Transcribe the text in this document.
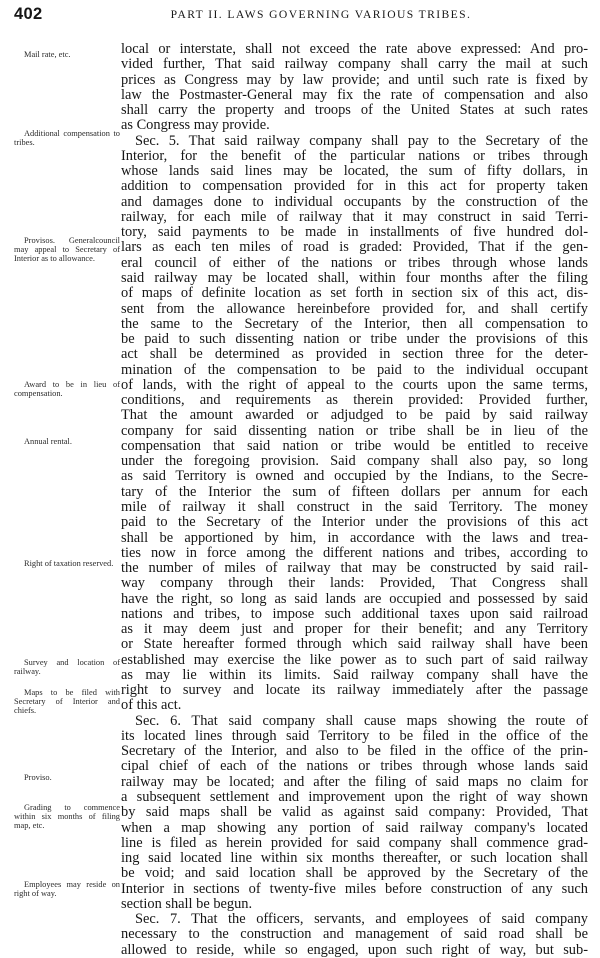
402	PART II. LAWS GOVERNING VARIOUS TRIBES.
Mail rate, etc.
Additional compensation to tribes.
Provisos. Generalcouncil may appeal to Secretary of Interior as to allowance.
Award to be in lieu of compensation.
Annual rental.
Right of taxation reserved.
Survey and location of railway.
Maps to be filed with Secretary of Interior and chiefs.
Proviso.
Grading to commence within six months of filing map, etc.
Employees may reside on right of way.
local or interstate, shall not exceed the rate above expressed: And pro-
vided further, That said railway company shall carry the mail at such
prices as Congress may by law provide; and until such rate is fixed by
law the Postmaster-General may fix the rate of compensation and also
shall carry the property and troops of the United States at such rates
as Congress may provide.
Sec. 5. That said railway company shall pay to the Secretary of the
Interior, for the benefit of the particular nations or tribes through
whose lands said lines may be located, the sum of fifty dollars, in
addition to compensation provided for in this act for property taken
and damages done to individual occupants by the construction of the
railway, for each mile of railway that it may construct in said Terri-
tory, said payments to be made in installments of five hundred dol-
lars as each ten miles of road is graded: Provided, That if the gen-
eral council of either of the nations or tribes through whose lands
said railway may be located shall, within four months after the filing
of maps of definite location as set forth in section six of this act, dis-
sent from the allowance hereinbefore provided for, and shall certify
the same to the Secretary of the Interior, then all compensation to
be paid to such dissenting nation or tribe under the provisions of this
act shall be determined as provided in section three for the deter-
mination of the compensation to be paid to the individual occupant
of lands, with the right of appeal to the courts upon the same terms,
conditions, and requirements as therein provided: Provided further,
That the amount awarded or adjudged to be paid by said railway
company for said dissenting nation or tribe shall be in lieu of the
compensation that said nation or tribe would be entitled to receive
under the foregoing provision. Said company shall also pay, so long
as said Territory is owned and occupied by the Indians, to the Secre-
tary of the Interior the sum of fifteen dollars per annum for each
mile of railway it shall construct in the said Territory. The money
paid to the Secretary of the Interior under the provisions of this act
shall be apportioned by him, in accordance with the laws and trea-
ties now in force among the different nations and tribes, according to
the number of miles of railway that may be constructed by said rail-
way company through their lands: Provided, That Congress shall
have the right, so long as said lands are occupied and possessed by said
nations and tribes, to impose such additional taxes upon said railroad
as it may deem just and proper for their benefit; and any Territory
or State hereafter formed through which said railway shall have been
established may exercise the like power as to such part of said railway
as may lie within its limits. Said railway company shall have the
right to survey and locate its railway immediately after the passage
of this act.
Sec. 6. That said company shall cause maps showing the route of
its located lines through said Territory to be filed in the office of the
Secretary of the Interior, and also to be filed in the office of the prin-
cipal chief of each of the nations or tribes through whose lands said
railway may be located; and after the filing of said maps no claim for
a subsequent settlement and improvement upon the right of way shown
by said maps shall be valid as against said company: Provided, That
when a map showing any portion of said railway company's located
line is filed as herein provided for said company shall commence grad-
ing said located line within six months thereafter, or such location shall
be void; and said location shall be approved by the Secretary of the
Interior in sections of twenty-five miles before construction of any such
section shall be begun.
Sec. 7. That the officers, servants, and employees of said company
necessary to the construction and management of said road shall be
allowed to reside, while so engaged, upon such right of way, but sub-
